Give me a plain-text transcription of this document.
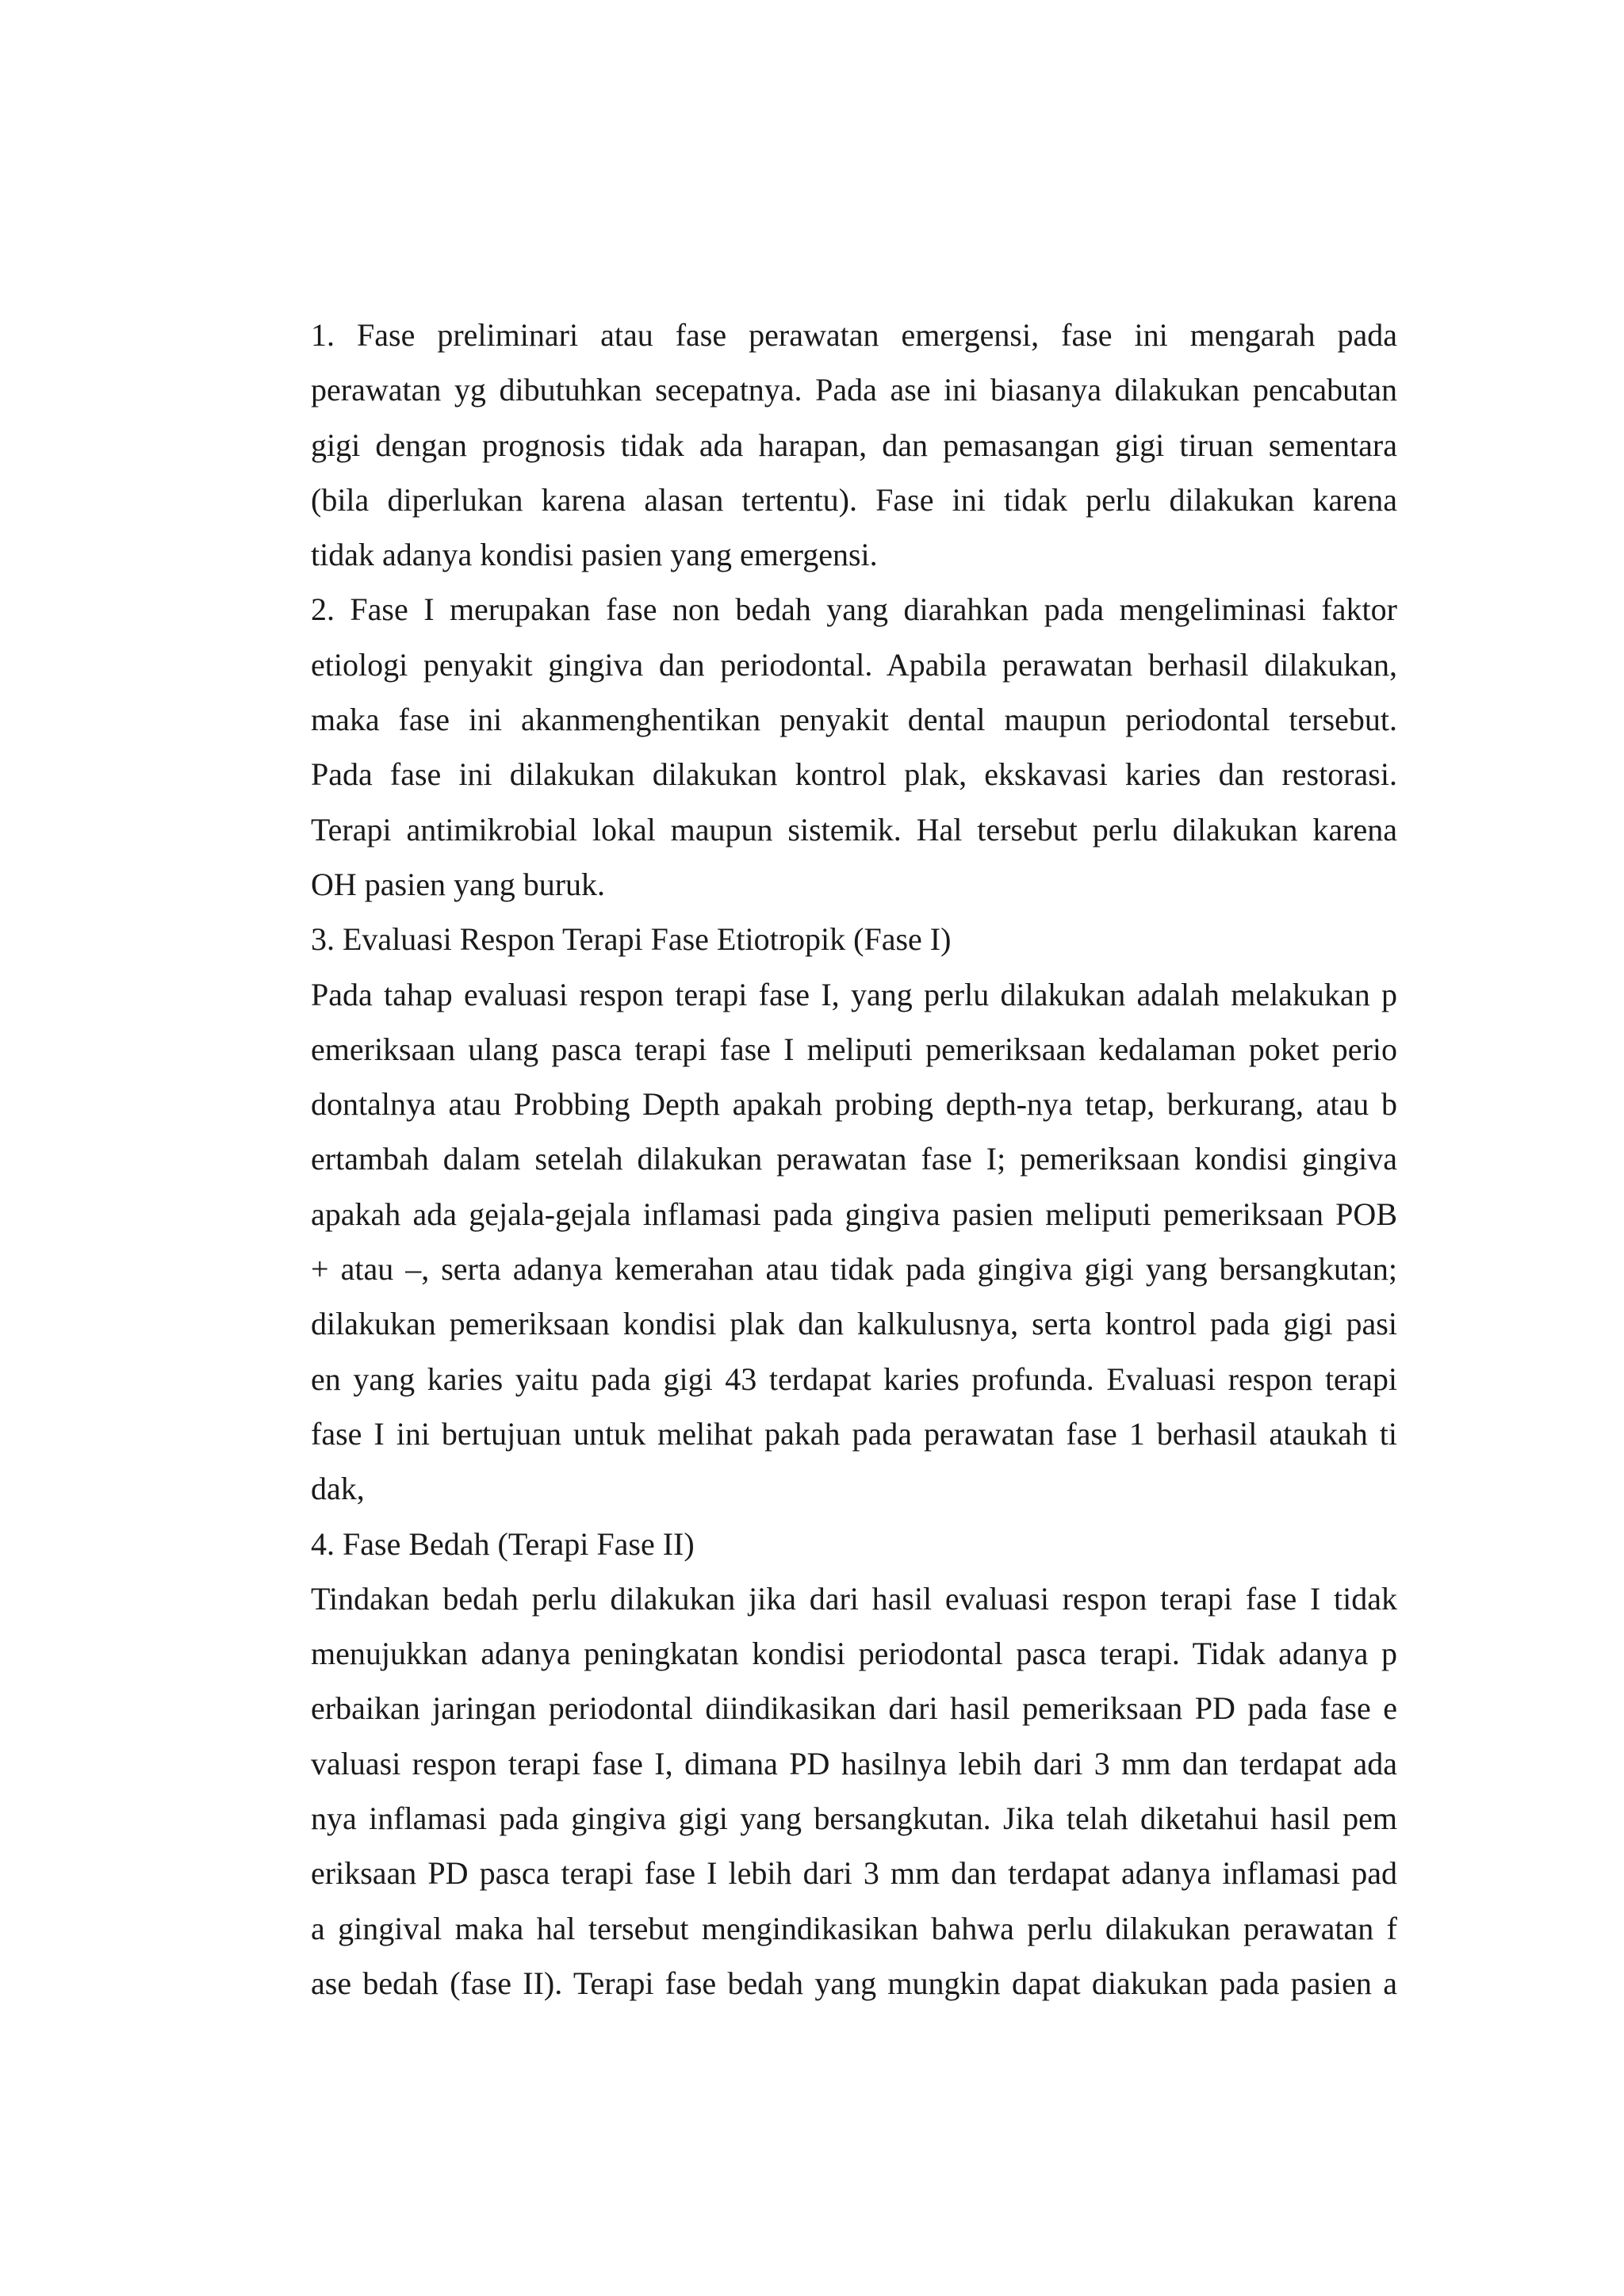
1. Fase preliminari atau fase perawatan emergensi, fase ini mengarah pada
perawatan yg dibutuhkan secepatnya. Pada ase ini biasanya dilakukan pencabutan
gigi dengan prognosis tidak ada harapan, dan pemasangan gigi tiruan sementara
(bila diperlukan karena alasan tertentu). Fase ini tidak perlu dilakukan karena
tidak adanya kondisi pasien yang emergensi.
2. Fase I merupakan fase non bedah yang diarahkan pada mengeliminasi faktor
etiologi penyakit gingiva dan periodontal. Apabila perawatan berhasil dilakukan,
maka fase ini akanmenghentikan penyakit dental maupun periodontal tersebut.
Pada fase ini dilakukan dilakukan kontrol plak, ekskavasi karies dan restorasi.
Terapi antimikrobial lokal maupun sistemik. Hal tersebut perlu dilakukan karena
OH pasien yang buruk.
3. Evaluasi Respon Terapi Fase Etiotropik (Fase I)
Pada tahap evaluasi respon terapi fase I, yang perlu dilakukan adalah melakukan p
emeriksaan ulang pasca terapi fase I meliputi pemeriksaan kedalaman poket perio
dontalnya atau Probbing Depth apakah probing depth-nya tetap, berkurang, atau b
ertambah dalam setelah dilakukan perawatan fase I; pemeriksaan kondisi gingiva
apakah ada gejala-gejala inflamasi pada gingiva pasien meliputi pemeriksaan POB
+ atau –, serta adanya kemerahan atau tidak pada gingiva gigi yang bersangkutan;
dilakukan pemeriksaan kondisi plak dan kalkulusnya, serta kontrol pada gigi pasi
en yang karies yaitu pada gigi 43 terdapat karies profunda. Evaluasi respon terapi
fase I ini bertujuan untuk melihat pakah pada perawatan fase 1 berhasil ataukah ti
dak,
4. Fase Bedah (Terapi Fase II)
Tindakan bedah perlu dilakukan jika dari hasil evaluasi respon terapi fase I tidak
menujukkan adanya peningkatan kondisi periodontal pasca terapi. Tidak adanya p
erbaikan jaringan periodontal diindikasikan dari hasil pemeriksaan PD pada fase e
valuasi respon terapi fase I, dimana PD hasilnya lebih dari 3 mm dan terdapat ada
nya inflamasi pada gingiva gigi yang bersangkutan. Jika telah diketahui hasil pem
eriksaan PD pasca terapi fase I lebih dari 3 mm dan terdapat adanya inflamasi pad
a gingival maka hal tersebut mengindikasikan bahwa perlu dilakukan perawatan f
ase bedah (fase II). Terapi fase bedah yang mungkin dapat diakukan pada pasien a
